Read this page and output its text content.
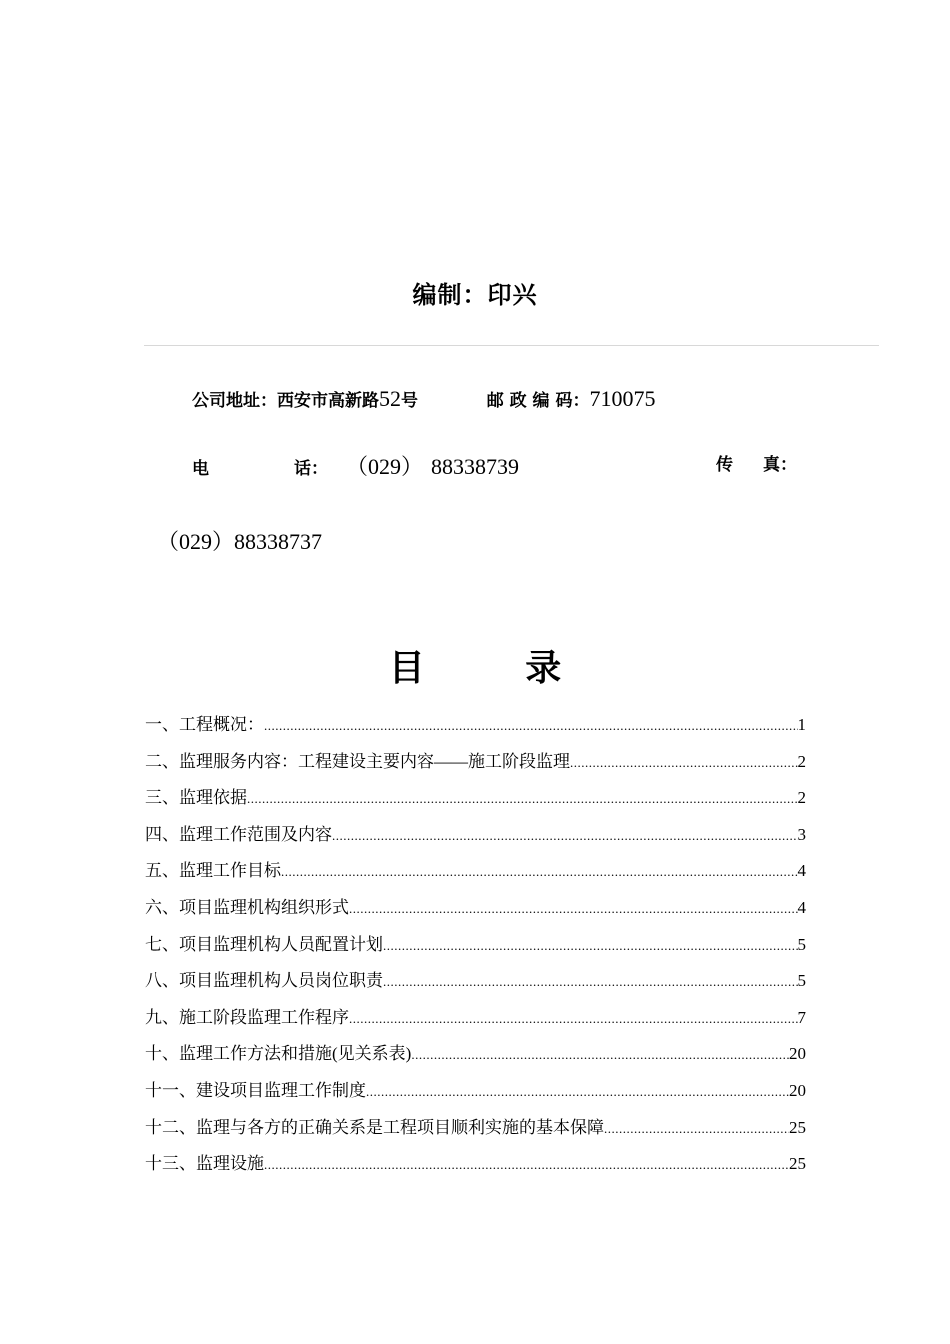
编制：印兴
公司地址：西安市高新路52号	邮 政 编 码：710075
电	话： （029） 88338739	传 真：
（029）88338737
目 录
一、工程概况： .....	1
二、监理服务内容：工程建设主要内容——施工阶段监理 .....	2
三、监理依据 .....	2
四、监理工作范围及内容 .....	3
五、监理工作目标 .....	4
六、项目监理机构组织形式 .....	4
七、项目监理机构人员配置计划 .....	5
八、项目监理机构人员岗位职责 .....	5
九、施工阶段监理工作程序 .....	7
十、监理工作方法和措施(见关系表) .....	20
十一、建设项目监理工作制度 .....	20
十二、监理与各方的正确关系是工程项目顺利实施的基本保障 .....	25
十三、监理设施 .....	25
